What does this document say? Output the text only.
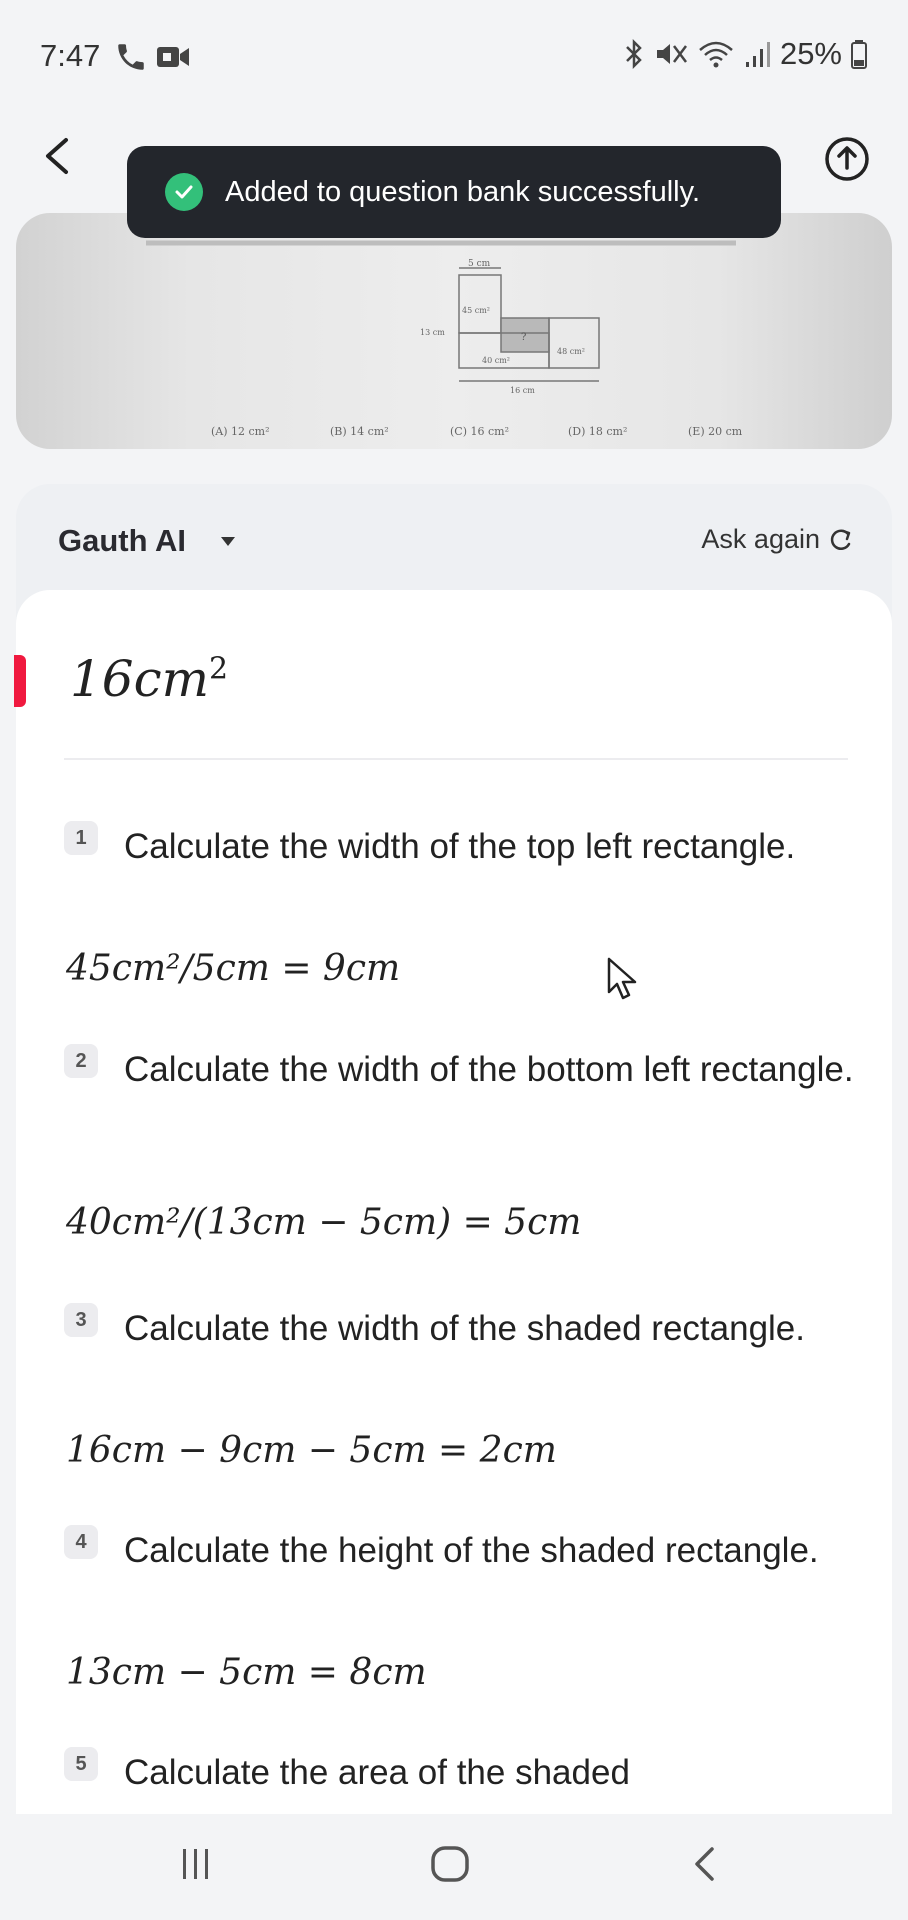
7:47	25%
5 cm
45 cm²
?
40 cm²
48 cm²
13 cm
16 cm
(A) 12 cm²	(B) 14 cm²	(C) 16 cm²	(D) 18 cm²	(E) 20 cm
Added to question bank successfully.
Gauth AI	Ask again
$16cm^2$
1	Calculate the width of the top left rectangle.
45cm²/5cm = 9cm
2	Calculate the width of the bottom left rectangle.
40cm²/(13cm − 5cm) = 5cm
3	Calculate the width of the shaded rectangle.
16cm − 9cm − 5cm = 2cm
4	Calculate the height of the shaded rectangle.
13cm − 5cm = 8cm
5	Calculate the area of the shaded
